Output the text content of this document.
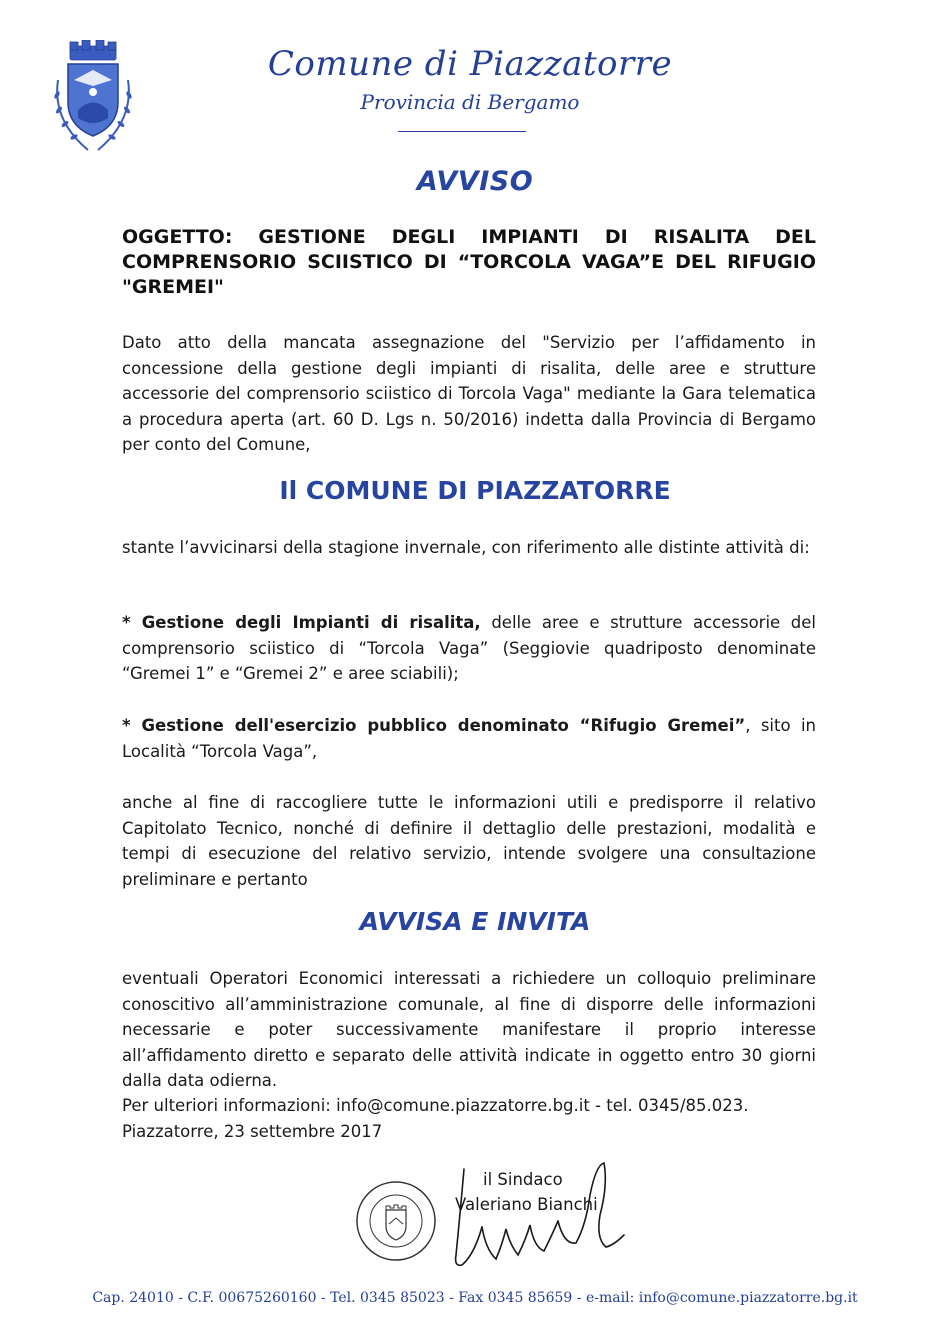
Comune di Piazzatorre
Provincia di Bergamo
AVVISO
OGGETTO: GESTIONE DEGLI IMPIANTI DI RISALITA DEL COMPRENSORIO SCIISTICO DI “TORCOLA VAGA”E DEL RIFUGIO "GREMEI"
Dato atto della mancata assegnazione del "Servizio per l’affidamento in concessione della gestione degli impianti di risalita, delle aree e strutture accessorie del comprensorio sciistico di Torcola Vaga" mediante la Gara telematica a procedura aperta (art. 60 D. Lgs n. 50/2016) indetta dalla Provincia di Bergamo per conto del Comune,
Il COMUNE DI PIAZZATORRE
stante l’avvicinarsi della stagione invernale, con riferimento alle distinte attività di:
* Gestione degli Impianti di risalita, delle aree e strutture accessorie del comprensorio sciistico di “Torcola Vaga” (Seggiovie quadriposto denominate “Gremei 1” e “Gremei 2” e aree sciabili);
* Gestione dell'esercizio pubblico denominato “Rifugio Gremei”, sito in Località “Torcola Vaga”,
anche al fine di raccogliere tutte le informazioni utili e predisporre il relativo Capitolato Tecnico, nonché di definire il dettaglio delle prestazioni, modalità e tempi di esecuzione del relativo servizio, intende svolgere una consultazione preliminare e pertanto
AVVISA E INVITA
eventuali Operatori Economici interessati a richiedere un colloquio preliminare conoscitivo all’amministrazione comunale, al fine di disporre delle informazioni necessarie e poter successivamente manifestare il proprio interesse all’affidamento diretto e separato delle attività indicate in oggetto entro 30 giorni dalla data odierna.
Per ulteriori informazioni: info@comune.piazzatorre.bg.it - tel. 0345/85.023.
Piazzatorre, 23 settembre 2017
il Sindaco
Valeriano Bianchi
Cap. 24010 - C.F. 00675260160 - Tel. 0345 85023 - Fax 0345 85659 - e-mail: info@comune.piazzatorre.bg.it
